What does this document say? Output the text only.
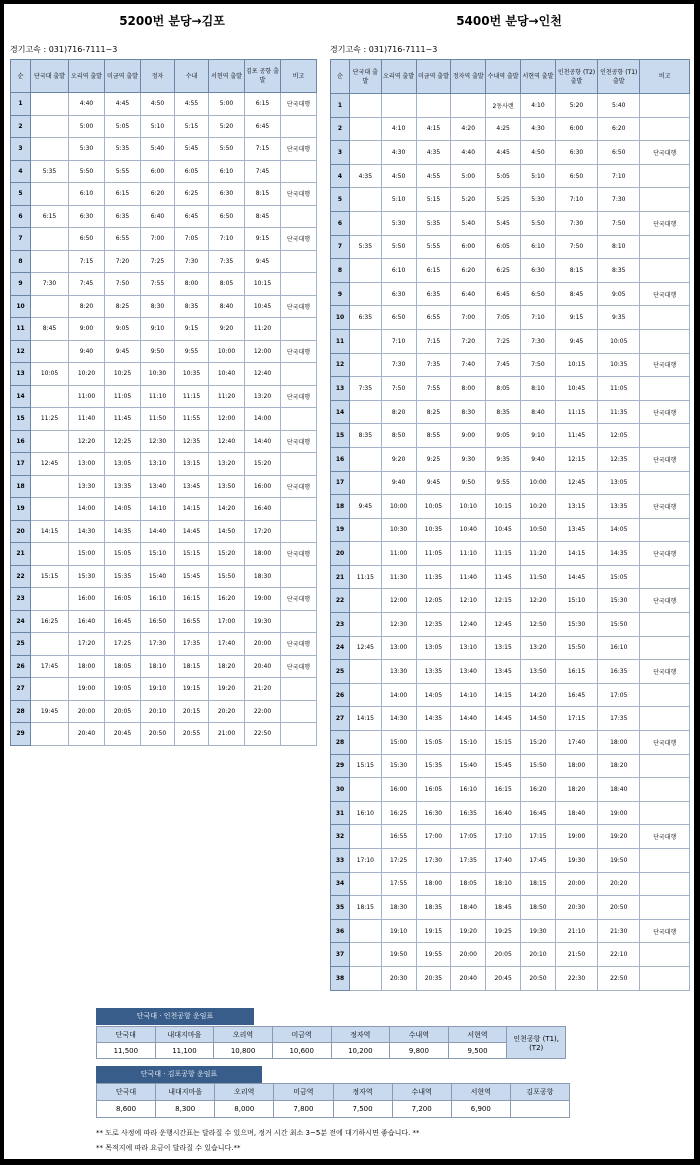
5200번 분당→김포	5400번 분당→인천
경기고속 : 031)716-7111~3	경기고속 : 031)716-7111~3
순	단국대 출발	오리역 출발	미금역 출발	정자	수내	서현역 출발	김포 공항 출발	비고
1		4:40	4:45	4:50	4:55	5:00	6:15	단국대행
2		5:00	5:05	5:10	5:15	5:20	6:45	
3		5:30	5:35	5:40	5:45	5:50	7:15	단국대행
4	5:35	5:50	5:55	6:00	6:05	6:10	7:45	
5		6:10	6:15	6:20	6:25	6:30	8:15	단국대행
6	6:15	6:30	6:35	6:40	6:45	6:50	8:45	
7		6:50	6:55	7:00	7:05	7:10	9:15	단국대행
8		7:15	7:20	7:25	7:30	7:35	9:45	
9	7:30	7:45	7:50	7:55	8:00	8:05	10:15	
10		8:20	8:25	8:30	8:35	8:40	10:45	단국대행
11	8:45	9:00	9:05	9:10	9:15	9:20	11:20	
12		9:40	9:45	9:50	9:55	10:00	12:00	단국대행
13	10:05	10:20	10:25	10:30	10:35	10:40	12:40	
14		11:00	11:05	11:10	11:15	11:20	13:20	단국대행
15	11:25	11:40	11:45	11:50	11:55	12:00	14:00	
16		12:20	12:25	12:30	12:35	12:40	14:40	단국대행
17	12:45	13:00	13:05	13:10	13:15	13:20	15:20	
18		13:30	13:35	13:40	13:45	13:50	16:00	단국대행
19		14:00	14:05	14:10	14:15	14:20	16:40	
20	14:15	14:30	14:35	14:40	14:45	14:50	17:20	
21		15:00	15:05	15:10	15:15	15:20	18:00	단국대행
22	15:15	15:30	15:35	15:40	15:45	15:50	18:30	
23		16:00	16:05	16:10	16:15	16:20	19:00	단국대행
24	16:25	16:40	16:45	16:50	16:55	17:00	19:30	
25		17:20	17:25	17:30	17:35	17:40	20:00	단국대행
26	17:45	18:00	18:05	18:10	18:15	18:20	20:40	단국대행
27		19:00	19:05	19:10	19:15	19:20	21:20	
28	19:45	20:00	20:05	20:10	20:15	20:20	22:00	
29		20:40	20:45	20:50	20:55	21:00	22:50	
순	단국대 출발	오리역 출발	미금역 출발	정자역 출발	수내역 출발	서현역 출발	인천공항 (T2)출발	인천공항 (T1)출발	비고
1					2동사랜	4:10	5:20	5:40	
2		4:10	4:15	4:20	4:25	4:30	6:00	6:20	
3		4:30	4:35	4:40	4:45	4:50	6:30	6:50	단국대행
4	4:35	4:50	4:55	5:00	5:05	5:10	6:50	7:10	
5		5:10	5:15	5:20	5:25	5:30	7:10	7:30	
6		5:30	5:35	5:40	5:45	5:50	7:30	7:50	단국대행
7	5:35	5:50	5:55	6:00	6:05	6:10	7:50	8:10	
8		6:10	6:15	6:20	6:25	6:30	8:15	8:35	
9		6:30	6:35	6:40	6:45	6:50	8:45	9:05	단국대행
10	6:35	6:50	6:55	7:00	7:05	7:10	9:15	9:35	
11		7:10	7:15	7:20	7:25	7:30	9:45	10:05	
12		7:30	7:35	7:40	7:45	7:50	10:15	10:35	단국대행
13	7:35	7:50	7:55	8:00	8:05	8:10	10:45	11:05	
14		8:20	8:25	8:30	8:35	8:40	11:15	11:35	단국대행
15	8:35	8:50	8:55	9:00	9:05	9:10	11:45	12:05	
16		9:20	9:25	9:30	9:35	9:40	12:15	12:35	단국대행
17		9:40	9:45	9:50	9:55	10:00	12:45	13:05	
18	9:45	10:00	10:05	10:10	10:15	10:20	13:15	13:35	단국대행
19		10:30	10:35	10:40	10:45	10:50	13:45	14:05	
20		11:00	11:05	11:10	11:15	11:20	14:15	14:35	단국대행
21	11:15	11:30	11:35	11:40	11:45	11:50	14:45	15:05	
22		12:00	12:05	12:10	12:15	12:20	15:10	15:30	단국대행
23		12:30	12:35	12:40	12:45	12:50	15:30	15:50	
24	12:45	13:00	13:05	13:10	13:15	13:20	15:50	16:10	
25		13:30	13:35	13:40	13:45	13:50	16:15	16:35	단국대행
26		14:00	14:05	14:10	14:15	14:20	16:45	17:05	
27	14:15	14:30	14:35	14:40	14:45	14:50	17:15	17:35	
28		15:00	15:05	15:10	15:15	15:20	17:40	18:00	단국대행
29	15:15	15:30	15:35	15:40	15:45	15:50	18:00	18:20	
30		16:00	16:05	16:10	16:15	16:20	18:20	18:40	
31	16:10	16:25	16:30	16:35	16:40	16:45	18:40	19:00	
32		16:55	17:00	17:05	17:10	17:15	19:00	19:20	단국대행
33	17:10	17:25	17:30	17:35	17:40	17:45	19:30	19:50	
34		17:55	18:00	18:05	18:10	18:15	20:00	20:20	
35	18:15	18:30	18:35	18:40	18:45	18:50	20:30	20:50	
36		19:10	19:15	19:20	19:25	19:30	21:10	21:30	단국대행
37		19:50	19:55	20:00	20:05	20:10	21:50	22:10	
38		20:30	20:35	20:40	20:45	20:50	22:30	22:50	
단국대 · 인천공항 운임표
단국대	내대지마을	오리역	미금역	정자역	수내역	서현역	인천공항 (T1),(T2)
11,500	11,100	10,800	10,600	10,200	9,800	9,500	
단국대 · 김포공항 운임표
단국대	내대지마을	오리역	미금역	정자역	수내역	서현역	김포공항
8,600	8,300	8,000	7,800	7,500	7,200	6,900	
** 도로 사정에 따라 운행시간표는 달라질 수 있으며, 정거 시간 최소 3~5분 전에 대기하시면 좋습니다. **
** 목적지에 따라 요금이 달라질 수 있습니다.**
